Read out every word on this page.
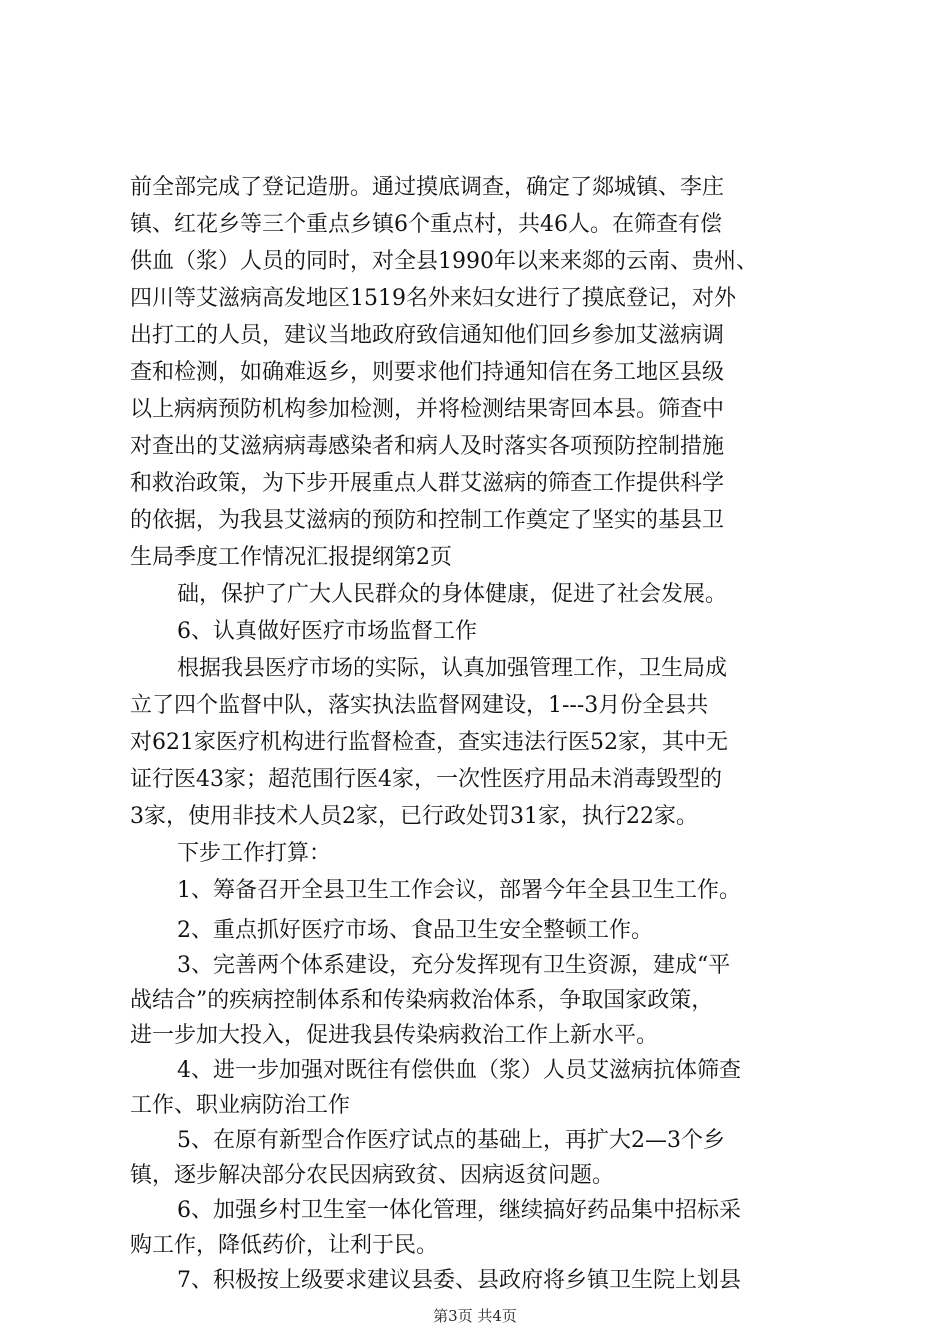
前全部完成了登记造册。通过摸底调查，确定了郯城镇、李庄
镇、红花乡等三个重点乡镇6个重点村，共46人。在筛查有偿
供血（浆）人员的同时，对全县1990年以来来郯的云南、贵州、
四川等艾滋病高发地区1519名外来妇女进行了摸底登记，对外
出打工的人员，建议当地政府致信通知他们回乡参加艾滋病调
查和检测，如确难返乡，则要求他们持通知信在务工地区县级
以上病病预防机构参加检测，并将检测结果寄回本县。筛查中
对查出的艾滋病病毒感染者和病人及时落实各项预防控制措施
和救治政策，为下步开展重点人群艾滋病的筛查工作提供科学
的依据，为我县艾滋病的预防和控制工作奠定了坚实的基县卫
生局季度工作情况汇报提纲第2页
础，保护了广大人民群众的身体健康，促进了社会发展。
6、认真做好医疗市场监督工作
根据我县医疗市场的实际，认真加强管理工作，卫生局成
立了四个监督中队，落实执法监督网建设，1---3月份全县共
对621家医疗机构进行监督检查，查实违法行医52家，其中无
证行医43家；超范围行医4家，一次性医疗用品未消毒毁型的
3家，使用非技术人员2家，已行政处罚31家，执行22家。
下步工作打算：
1、筹备召开全县卫生工作会议，部署今年全县卫生工作。
2、重点抓好医疗市场、食品卫生安全整顿工作。
3、完善两个体系建设，充分发挥现有卫生资源，建成“平
战结合”的疾病控制体系和传染病救治体系，争取国家政策，
进一步加大投入，促进我县传染病救治工作上新水平。
4、进一步加强对既往有偿供血（浆）人员艾滋病抗体筛查
工作、职业病防治工作
5、在原有新型合作医疗试点的基础上，再扩大2—3个乡
镇，逐步解决部分农民因病致贫、因病返贫问题。
6、加强乡村卫生室一体化管理，继续搞好药品集中招标采
购工作，降低药价，让利于民。
7、积极按上级要求建议县委、县政府将乡镇卫生院上划县
第3页 共4页
